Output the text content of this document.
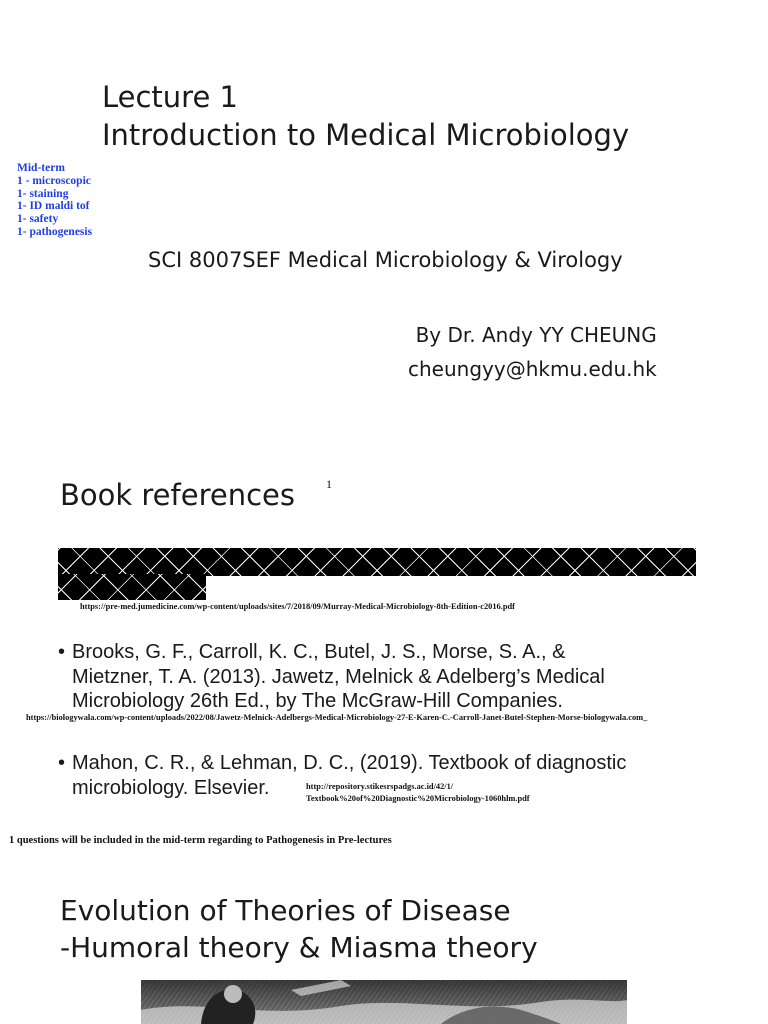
Lecture 1
Introduction to Medical Microbiology
Mid-term
1 - microscopic
1- staining
1- ID maldi tof
1- safety
1- pathogenesis
SCI 8007SEF Medical Microbiology & Virology
By Dr. Andy YY CHEUNG
cheungyy@hkmu.edu.hk
Book references	1
https://pre-med.jumedicine.com/wp-content/uploads/sites/7/2018/09/Murray-Medical-Microbiology-8th-Edition-c2016.pdf
• Brooks, G. F., Carroll, K. C., Butel, J. S., Morse, S. A., &
Mietzner, T. A. (2013). Jawetz, Melnick & Adelberg’s Medical
Microbiology 26th Ed., by The McGraw-Hill Companies.
https://biologywala.com/wp-content/uploads/2022/08/Jawetz-Melnick-Adelbergs-Medical-Microbiology-27-E-Karen-C.-Carroll-Janet-Butel-Stephen-Morse-biologywala.com_
• Mahon, C. R., & Lehman, D. C., (2019). Textbook of diagnostic
microbiology. Elsevier.	http://repository.stikesrspadgs.ac.id/42/1/
Textbook%20of%20Diagnostic%20Microbiology-1060hlm.pdf
1 questions will be included in the mid-term regarding to Pathogenesis in Pre-lectures
Evolution of Theories of Disease
-Humoral theory & Miasma theory
